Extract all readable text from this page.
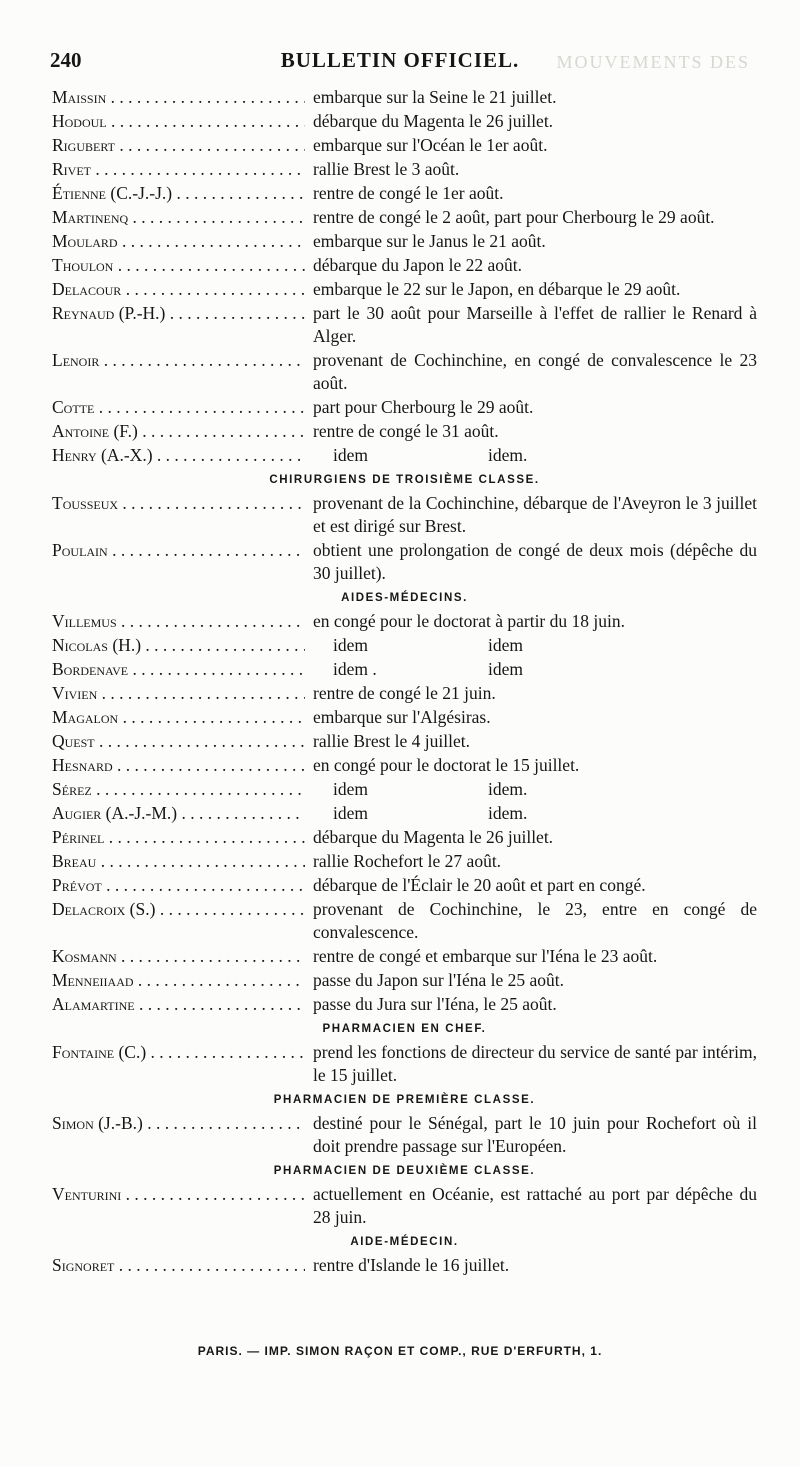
MOUVEMENTS DES
240	BULLETIN OFFICIEL.
Maissin . . .	embarque sur la Seine le 21 juillet.
Hodoul . . .	débarque du Magenta le 26 juillet.
Rigubert . . .	embarque sur l'Océan le 1er août.
Rivet . . .	rallie Brest le 3 août.
Étienne (C.-J.-J.) . . .	rentre de congé le 1er août.
Martinenq . . .	rentre de congé le 2 août, part pour Cherbourg le 29 août.
Moulard . . .	embarque sur le Janus le 21 août.
Thoulon . . .	débarque du Japon le 22 août.
Delacour . . .	embarque le 22 sur le Japon, en débarque le 29 août.
Reynaud (P.-H.) . . .	part le 30 août pour Marseille à l'effet de rallier le Renard à Alger.
Lenoir . . .	provenant de Cochinchine, en congé de convalescence le 23 août.
Cotte . . .	part pour Cherbourg le 29 août.
Antoine (F.) . . .	rentre de congé le 31 août.
Henry (A.-X.) . . .	idem	idem.
CHIRURGIENS DE TROISIÈME CLASSE.
Tousseux . . .	provenant de la Cochinchine, débarque de l'Aveyron le 3 juillet et est dirigé sur Brest.
Poulain . . .	obtient une prolongation de congé de deux mois (dépêche du 30 juillet).
AIDES-MÉDECINS.
Villemus . . .	en congé pour le doctorat à partir du 18 juin.
Nicolas (H.) . . .	idem	idem
Bordenave . . .	idem .	idem
Vivien . . .	rentre de congé le 21 juin.
Magalon . . .	embarque sur l'Algésiras.
Quest . . .	rallie Brest le 4 juillet.
Hesnard . . .	en congé pour le doctorat le 15 juillet.
Sérez . . .	idem	idem.
Augier (A.-J.-M.) . . .	idem	idem.
Périnel . . .	débarque du Magenta le 26 juillet.
Breau . . .	rallie Rochefort le 27 août.
Prévot . . .	débarque de l'Éclair le 20 août et part en congé.
Delacroix (S.) . . .	provenant de Cochinchine, le 23, entre en congé de convalescence.
Kosmann . . .	rentre de congé et embarque sur l'Iéna le 23 août.
Menneiiaad . . .	passe du Japon sur l'Iéna le 25 août.
Alamartine . . .	passe du Jura sur l'Iéna, le 25 août.
PHARMACIEN EN CHEF.
Fontaine (C.) . . .	prend les fonctions de directeur du service de santé par intérim, le 15 juillet.
PHARMACIEN DE PREMIÈRE CLASSE.
Simon (J.-B.) . . .	destiné pour le Sénégal, part le 10 juin pour Rochefort où il doit prendre passage sur l'Européen.
PHARMACIEN DE DEUXIÈME CLASSE.
Venturini . . .	actuellement en Océanie, est rattaché au port par dépêche du 28 juin.
AIDE-MÉDECIN.
Signoret . . .	rentre d'Islande le 16 juillet.
PARIS. — IMP. SIMON RAÇON ET COMP., RUE D'ERFURTH, 1.
